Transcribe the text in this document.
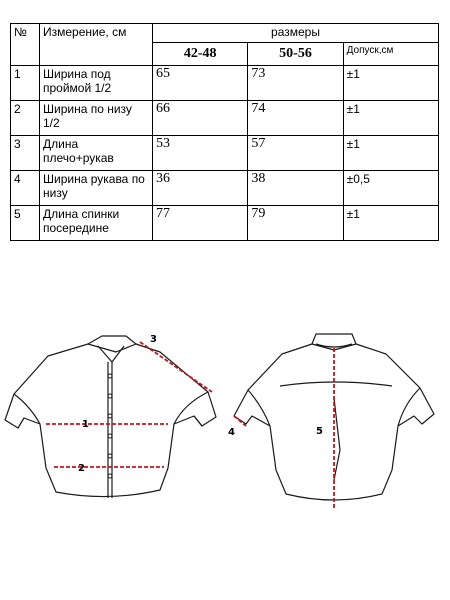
№	Измерение, см	размеры		
		42-48	50-56	Допуск,см
1	Ширина под проймой 1/2	65	73	±1
2	Ширина по низу 1/2	66	74	±1
3	Длина плечо+рукав	53	57	±1
4	Ширина рукава по низу	36	38	±0,5
5	Длина спинки посередине	77	79	±1
1
2
3
4	5
